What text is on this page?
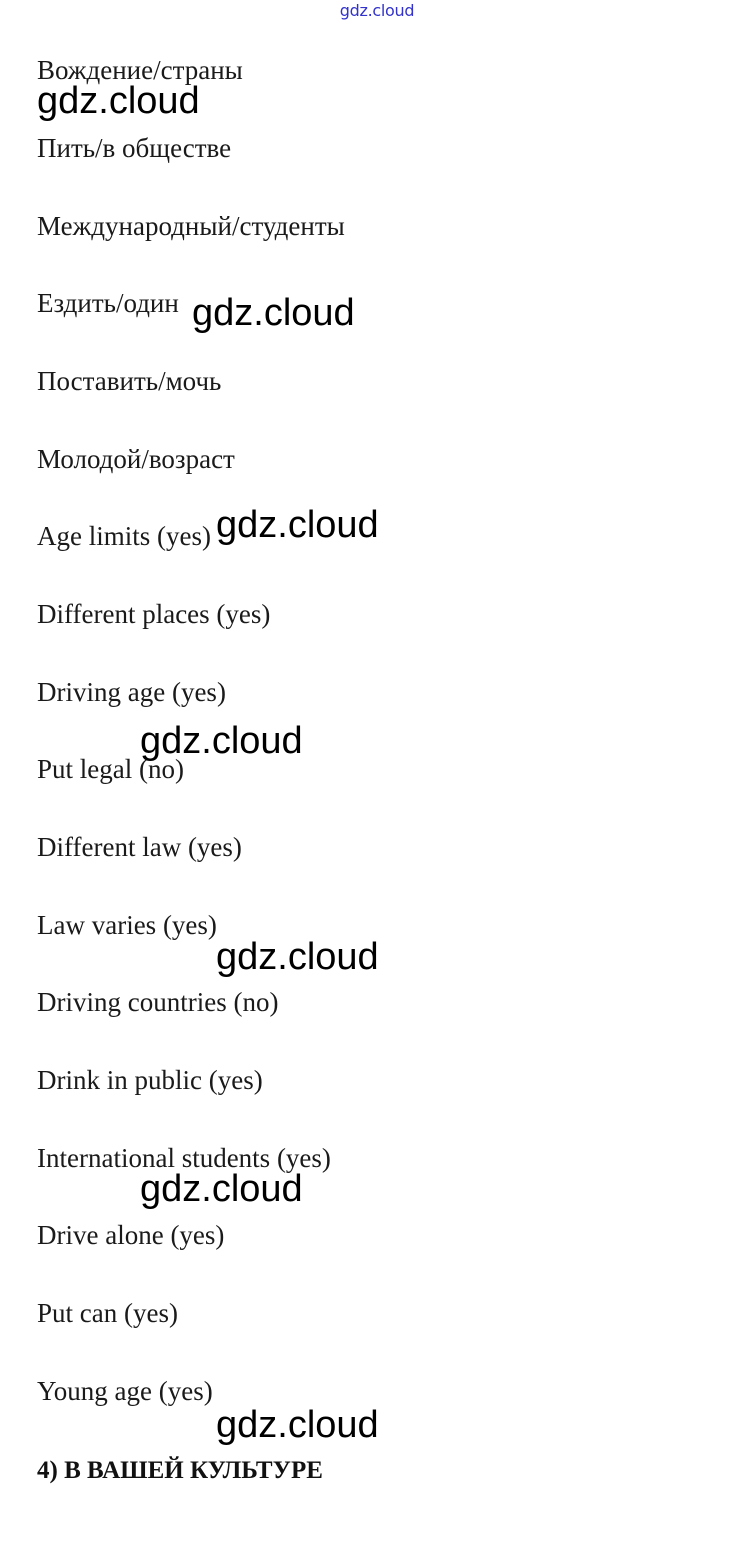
gdz.cloud
Вождение/страны
Пить/в обществе
Международный/студенты
Ездить/один
Поставить/мочь
Молодой/возраст
Age limits (yes)
Different places (yes)
Driving age (yes)
Put legal (no)
Different law (yes)
Law varies (yes)
Driving countries (no)
Drink in public (yes)
International students (yes)
Drive alone (yes)
Put can (yes)
Young age (yes)
4) В ВАШЕЙ КУЛЬТУРЕ
gdz.cloud
gdz.cloud
gdz.cloud
gdz.cloud
gdz.cloud
gdz.cloud
gdz.cloud
